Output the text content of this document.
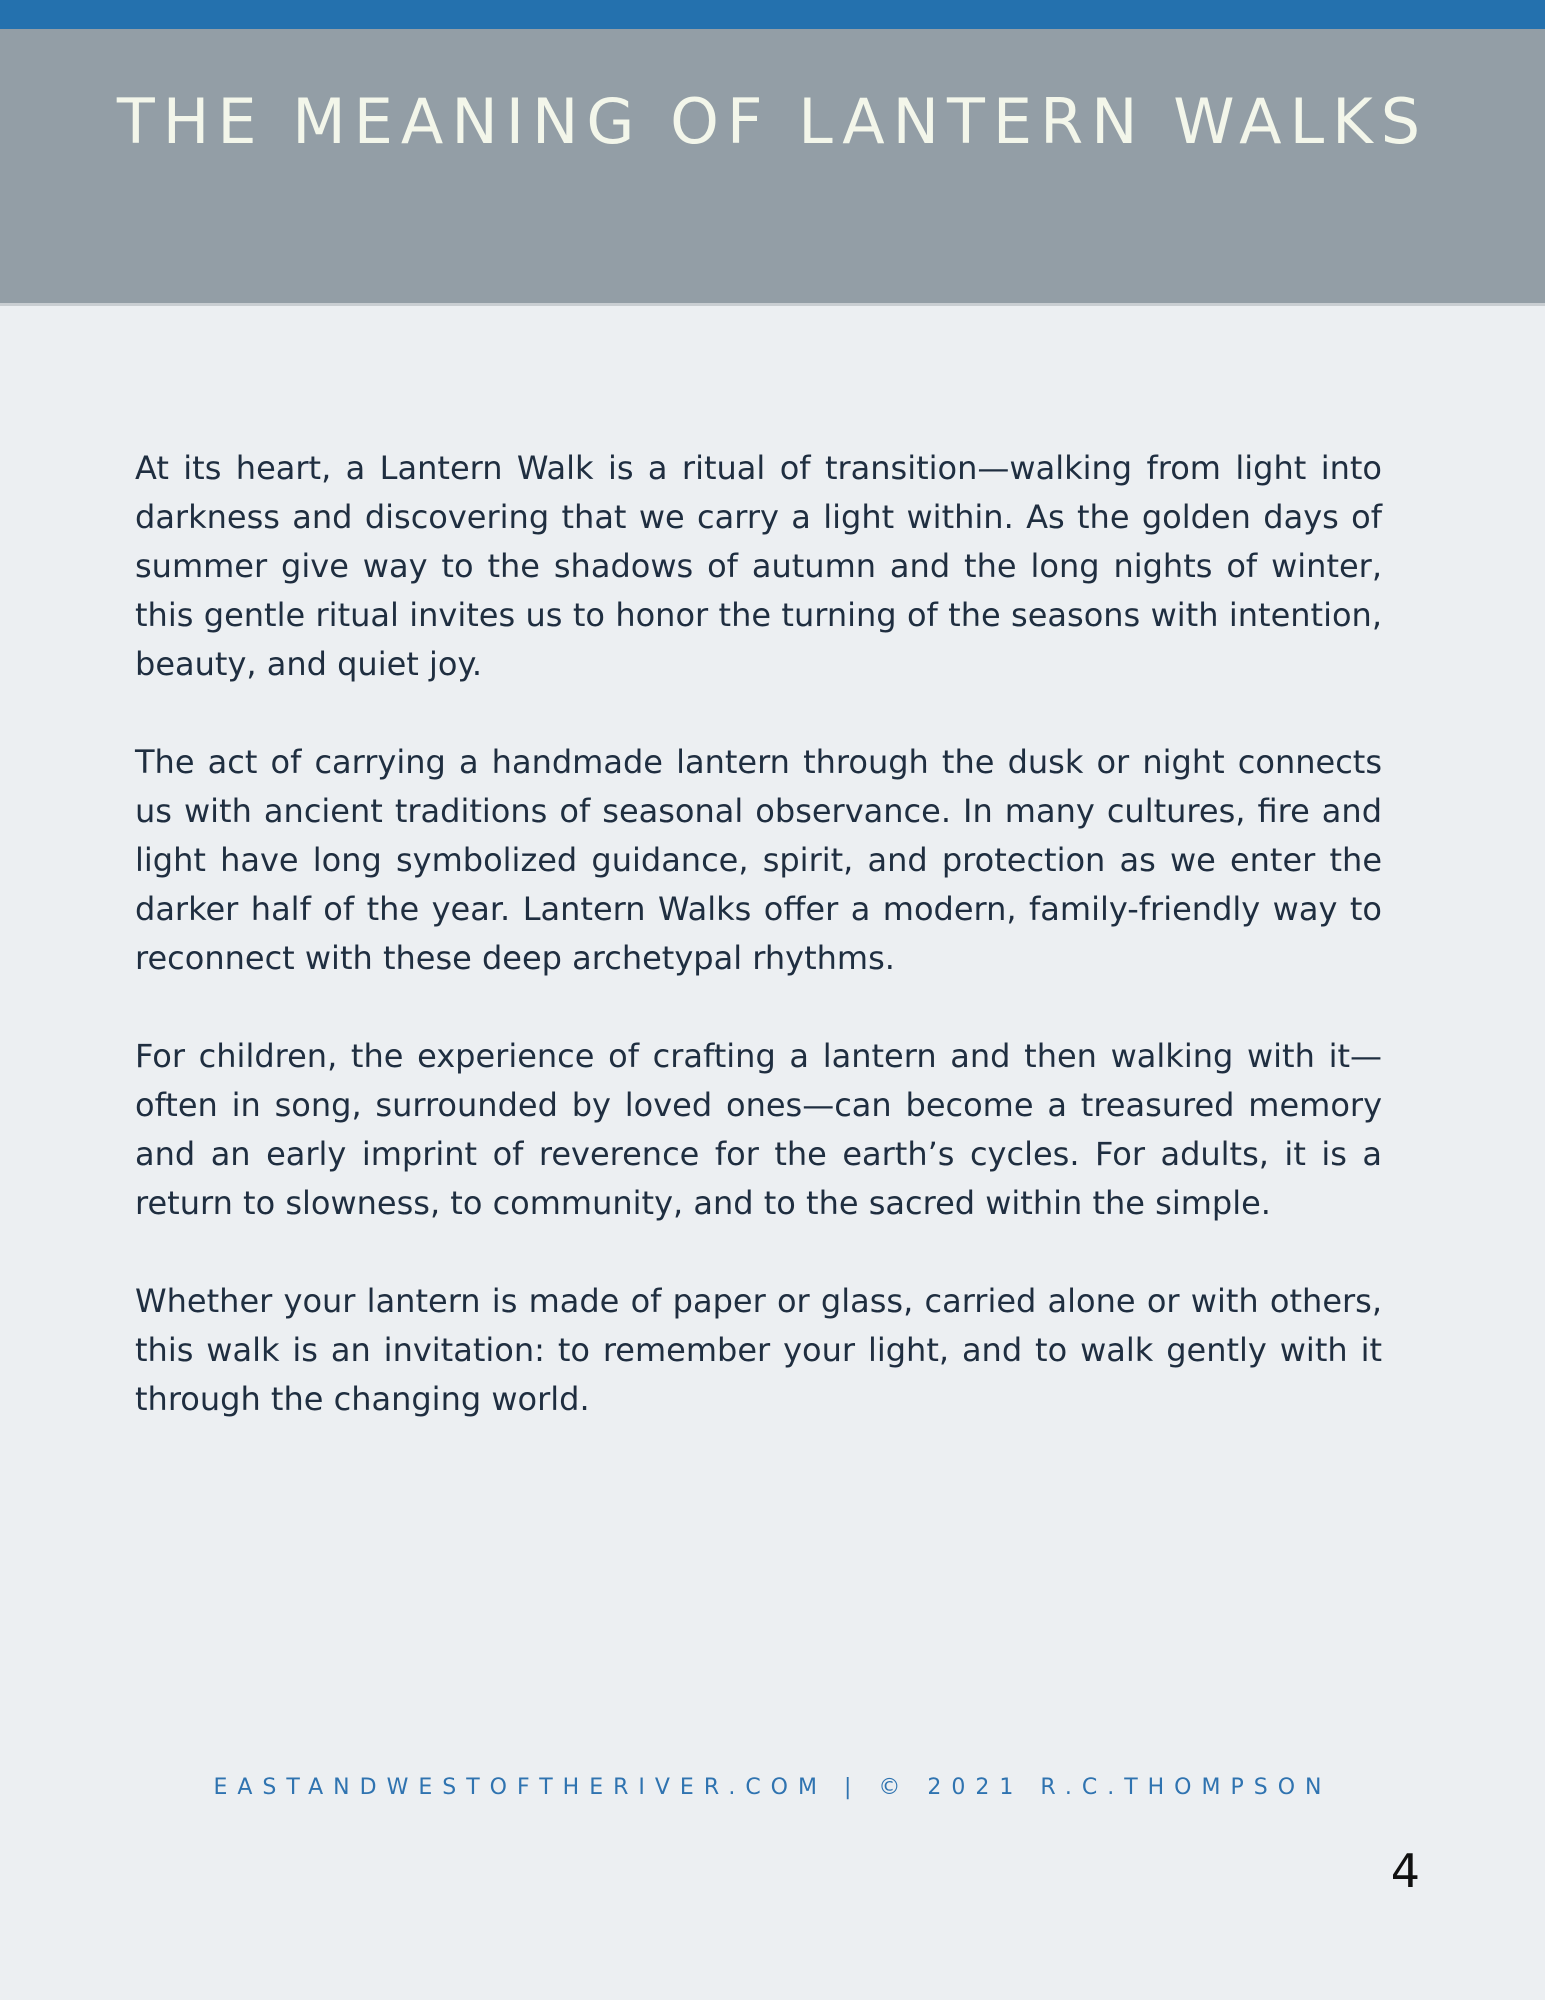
THE MEANING OF LANTERN WALKS

At its heart, a Lantern Walk is a ritual of transition—walking from light into darkness and discovering that we carry a light within. As the golden days of summer give way to the shadows of autumn and the long nights of winter, this gentle ritual invites us to honor the turning of the seasons with intention, beauty, and quiet joy.

The act of carrying a handmade lantern through the dusk or night connects us with ancient traditions of seasonal observance. In many cultures, fire and light have long symbolized guidance, spirit, and protection as we enter the darker half of the year. Lantern Walks offer a modern, family-friendly way to reconnect with these deep archetypal rhythms.

For children, the experience of crafting a lantern and then walking with it—often in song, surrounded by loved ones—can become a treasured memory and an early imprint of reverence for the earth’s cycles. For adults, it is a return to slowness, to community, and to the sacred within the simple.

Whether your lantern is made of paper or glass, carried alone or with others, this walk is an invitation: to remember your light, and to walk gently with it through the changing world.

EASTANDWESTOFTHERIVER.COM | © 2021 R.C.THOMPSON
4
